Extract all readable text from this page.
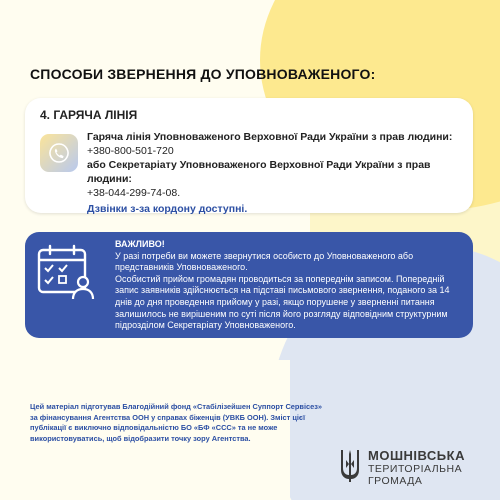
СПОСОБИ ЗВЕРНЕННЯ ДО УПОВНОВАЖЕНОГО:
4. ГАРЯЧА ЛІНІЯ
Гаряча лінія Уповноваженого Верховної Ради України з прав людини:
+380-800-501-720
або Секретаріату Уповноваженого Верховної Ради України з прав людини:
+38-044-299-74-08.
Дзвінки з-за кордону доступні.
ВАЖЛИВО!
У разі потреби ви можете звернутися особисто до Уповноваженого або представників Уповноваженого.
Особистий прийом громадян проводиться за попереднім записом. Попередній запис заявників здійснюється на підставі письмового звернення, поданого за 14 днів до дня проведення прийому у разі, якщо порушене у зверненні питання залишилось не вирішеним по суті після його розгляду відповідним структурним підрозділом Секретаріату Уповноваженого.

Цей матеріал підготував Благодійний фонд «Стабілізейшен Суппорт Сервісез» за фінансування Агентства ООН у справах біженців (УВКБ ООН). Зміст цієї публікації є виключно відповідальністю БО «БФ «ССС» та не може використовуватись, щоб відобразити точку зору Агентства.

МОШНІВСЬКА
ТЕРИТОРІАЛЬНА
ГРОМАДА
